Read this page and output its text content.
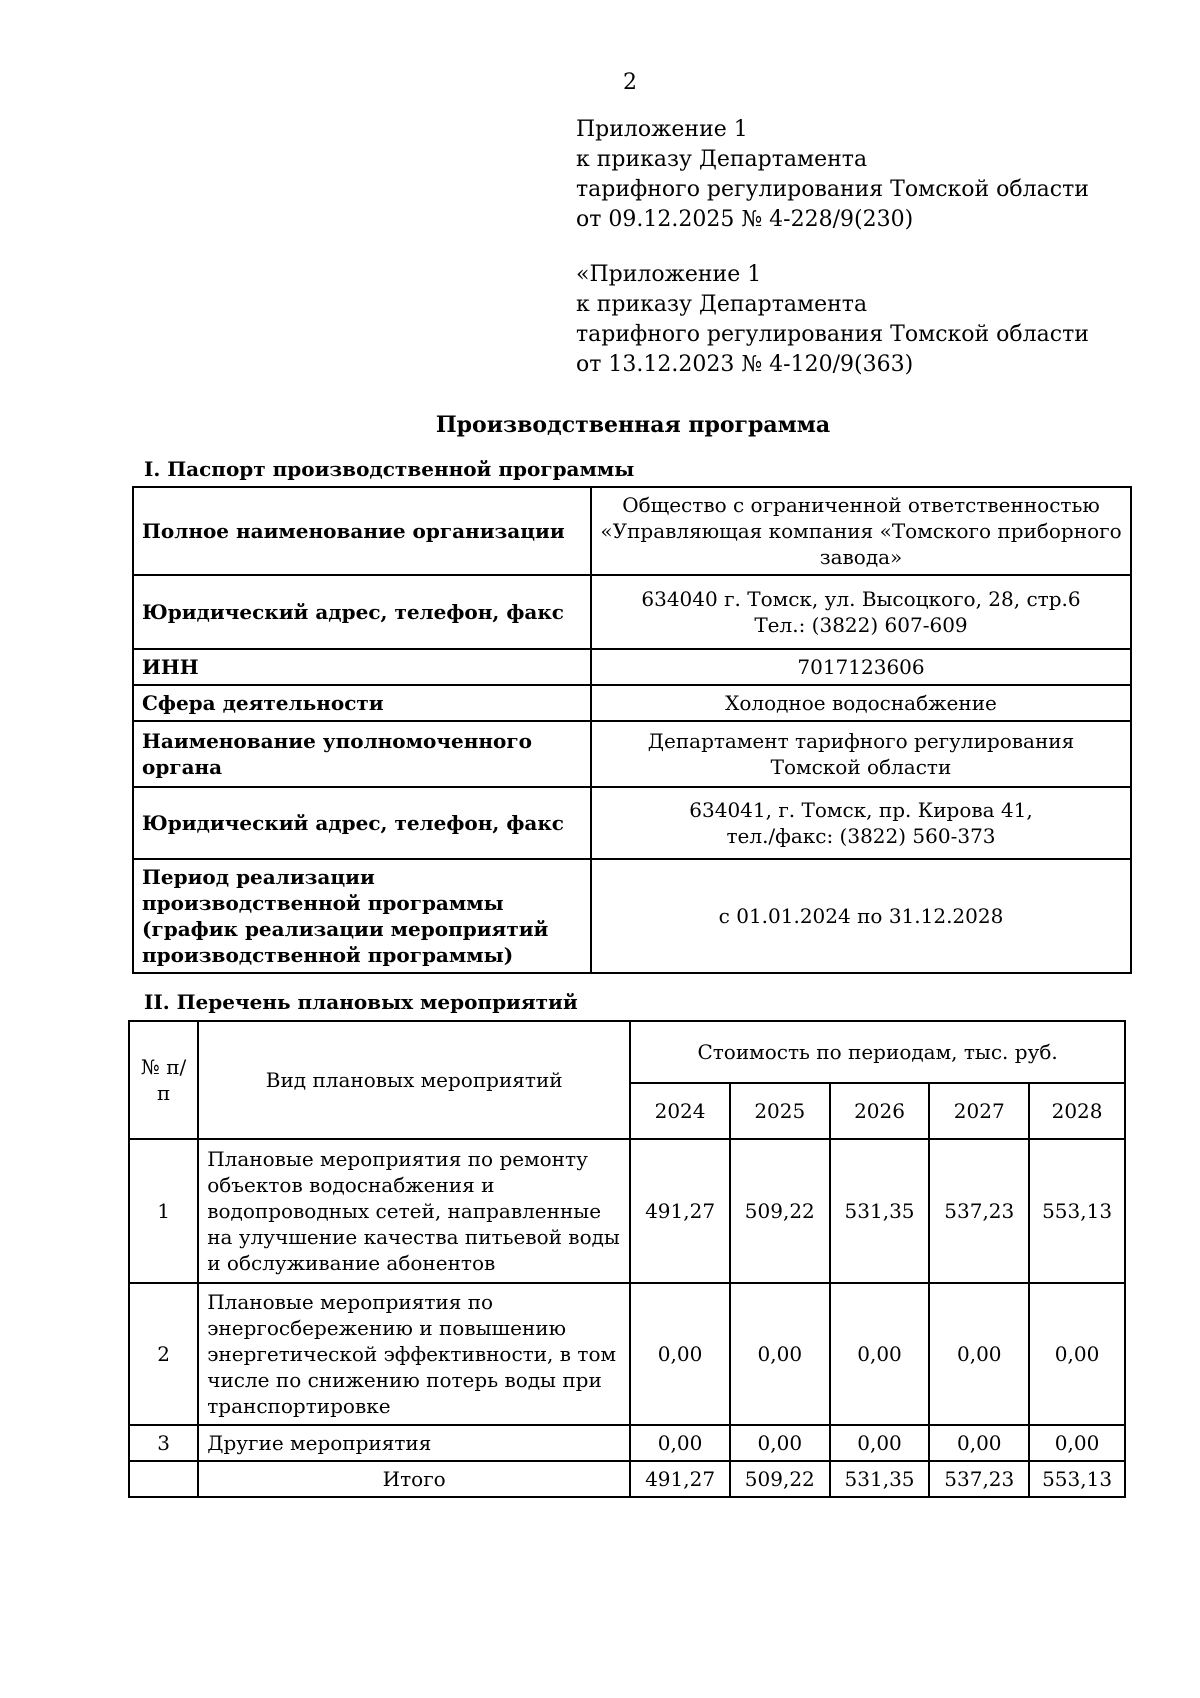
2
Приложение 1
к приказу Департамента
тарифного регулирования Томской области
от 09.12.2025 № 4-228/9(230)
«Приложение 1
к приказу Департамента
тарифного регулирования Томской области
от 13.12.2023 № 4-120/9(363)
Производственная программа
I. Паспорт производственной программы
Полное наименование организации	Общество с ограниченной ответственностью
«Управляющая компания «Томского приборного
завода»

Юридический адрес, телефон, факс	634040 г. Томск, ул. Высоцкого, 28, стр.6
Тел.: (3822) 607-609

ИНН	7017123606

Сфера деятельности	Холодное водоснабжение

Наименование уполномоченного органа	Департамент тарифного регулирования
Томской области

Юридический адрес, телефон, факс	634041, г. Томск, пр. Кирова 41,
тел./факс: (3822) 560-373

Период реализации производственной программы (график реализации мероприятий производственной программы)	с 01.01.2024 по 31.12.2028
II. Перечень плановых мероприятий
№ п/п	Вид плановых мероприятий	Стоимость по периодам, тыс. руб.				
		2024	2025	2026	2027	2028
1	Плановые мероприятия по ремонту
объектов водоснабжения и
водопроводных сетей, направленные
на улучшение качества питьевой воды
и обслуживание абонентов	491,27	509,22	531,35	537,23	553,13
2	Плановые мероприятия по
энергосбережению и повышению
энергетической эффективности, в том
числе по снижению потерь воды при
транспортировке	0,00	0,00	0,00	0,00	0,00
3	Другие мероприятия	0,00	0,00	0,00	0,00	0,00
	Итого	491,27	509,22	531,35	537,23	553,13
